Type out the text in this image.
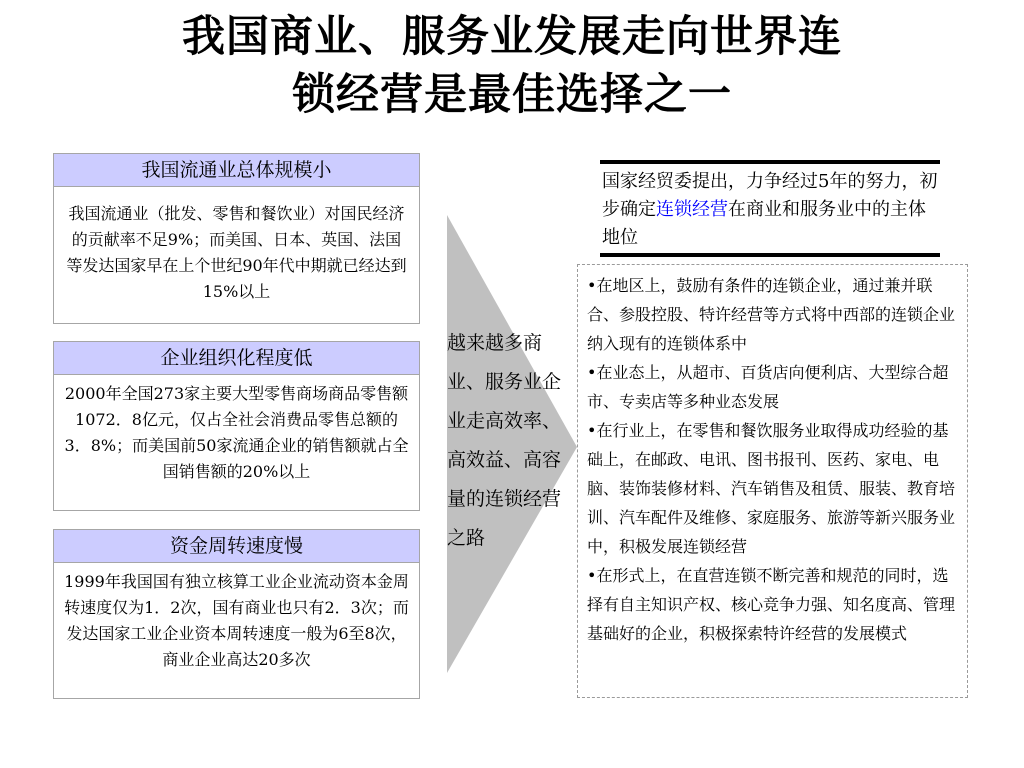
我国商业、服务业发展走向世界连
锁经营是最佳选择之一
我国流通业总体规模小
我国流通业（批发、零售和餐饮业）对国民经济的贡献率不足9%；而美国、日本、英国、法国等发达国家早在上个世纪90年代中期就已经达到15%以上
企业组织化程度低
2000年全国273家主要大型零售商场商品零售额1072．8亿元，仅占全社会消费品零售总额的3．8%；而美国前50家流通企业的销售额就占全国销售额的20%以上
资金周转速度慢
1999年我国国有独立核算工业企业流动资本金周转速度仅为1．2次，国有商业也只有2．3次；而发达国家工业企业资本周转速度一般为6至8次，商业企业高达20多次
越来越多商业、服务业企业走高效率、高效益、高容量的连锁经营之路
国家经贸委提出，力争经过5年的努力，初步确定连锁经营在商业和服务业中的主体地位
•在地区上，鼓励有条件的连锁企业，通过兼并联合、参股控股、特许经营等方式将中西部的连锁企业纳入现有的连锁体系中
•在业态上，从超市、百货店向便利店、大型综合超市、专卖店等多种业态发展
•在行业上，在零售和餐饮服务业取得成功经验的基础上，在邮政、电讯、图书报刊、医药、家电、电脑、装饰装修材料、汽车销售及租赁、服装、教育培训、汽车配件及维修、家庭服务、旅游等新兴服务业中，积极发展连锁经营
•在形式上，在直营连锁不断完善和规范的同时，选择有自主知识产权、核心竞争力强、知名度高、管理基础好的企业，积极探索特许经营的发展模式
